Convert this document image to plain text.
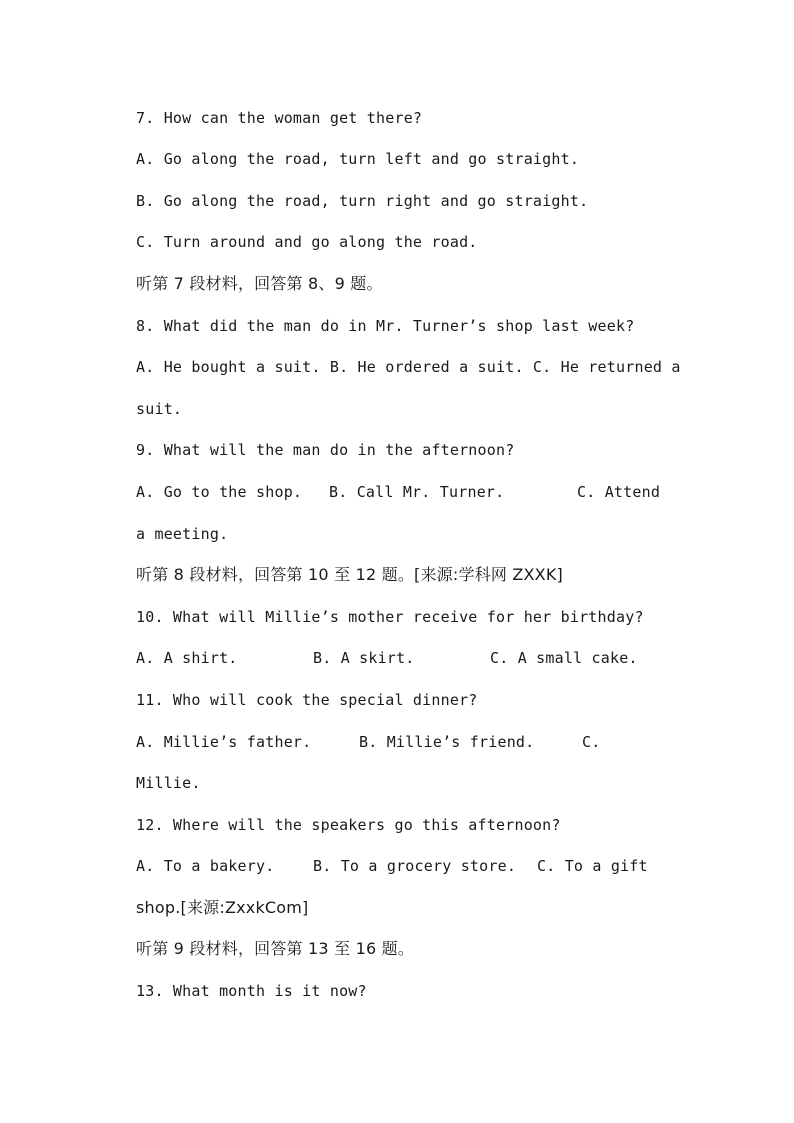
7. How can the woman get there?
A. Go along the road, turn left and go straight.
B. Go along the road, turn right and go straight.
C. Turn around and go along the road.
听第 7 段材料，回答第 8、9 题。
8. What did the man do in Mr. Turner’s shop last week?
A. He bought a suit. B. He ordered a suit. C. He returned a
suit.
9. What will the man do in the afternoon?
A. Go to the shop. B. Call Mr. Turner.	C. Attend
a meeting.
听第 8 段材料，回答第 10 至 12 题。[来源:学科网 ZXXK]
10. What will Millie’s mother receive for her birthday?
A. A shirt.	B. A skirt.	C. A small cake.
11. Who will cook the special dinner?
A. Millie’s father.	B. Millie’s friend.	C.
Millie.
12. Where will the speakers go this afternoon?
A. To a bakery.	B. To a grocery store. C. To a gift
shop.[来源:ZxxkCom]
听第 9 段材料，回答第 13 至 16 题。
13. What month is it now?
